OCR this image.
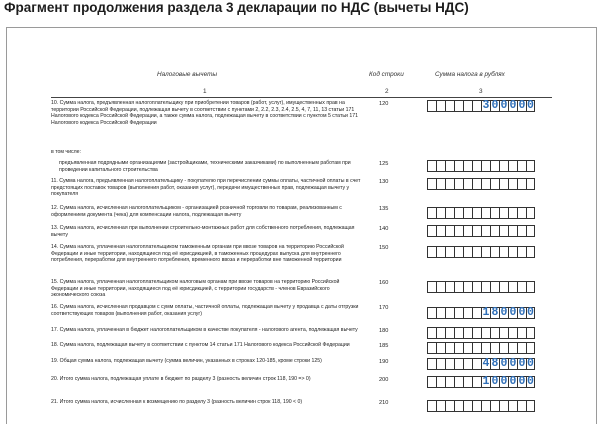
Фрагмент продолжения раздела 3 декларации по НДС (вычеты НДС)
Налоговые вычеты	Код строки	Сумма налога в рублях
1	2	3
10. Сумма налога, предъявленная налогоплательщику при приобретении товаров (работ, услуг), имущественных прав на территории Российской Федерации, подлежащая вычету в соответствии с пунктами 2, 2.2, 2.3, 2.4, 2.5, 4, 7, 11, 13 статьи 171 Налогового кодекса Российской Федерации, а также сумма налога, подлежащая вычету в соответствии с пунктом 5 статьи 171 Налогового кодекса Российской Федерации
120	3 0 0 0 0 0
в том числе:
предъявленная подрядными организациями (застройщиками, техническими заказчиками) по выполненным работам при проведении капитального строительства
125
11. Сумма налога, предъявленная налогоплательщику - покупателю при перечислении суммы оплаты, частичной оплаты в счет предстоящих поставок товаров (выполнения работ, оказания услуг), передачи имущественных прав, подлежащая вычету у покупателя
130
12. Сумма налога, исчисленная налогоплательщиком - организацией розничной торговли по товарам, реализованным с оформлением документа (чека) для компенсации налога, подлежащая вычету
135
13. Сумма налога, исчисленная при выполнении строительно-монтажных работ для собственного потребления, подлежащая вычету
140
14. Сумма налога, уплаченная налогоплательщиком таможенным органам при ввозе товаров на территорию Российской Федерации и иные территории, находящиеся под её юрисдикцией, в таможенных процедурах выпуска для внутреннего потребления, переработки для внутреннего потребления, временного ввоза и переработки вне таможенной территории
150
15. Сумма налога, уплаченная налогоплательщиком налоговым органам при ввозе товаров на территорию Российской Федерации и иные территории, находящиеся под её юрисдикцией, с территории государств - членов Евразийского экономического союза
160
16. Сумма налога, исчисленная продавцом с сумм оплаты, частичной оплаты, подлежащая вычету у продавца с даты отгрузки соответствующих товаров (выполнения работ, оказания услуг)
170	1 8 0 0 0 0
17. Сумма налога, уплаченная в бюджет налогоплательщиком в качестве покупателя - налогового агента, подлежащая вычету	180
18. Сумма налога, подлежащая вычету в соответствии с пунктом 14 статьи 171 Налогового кодекса Российской Федерации	185
19. Общая сумма налога, подлежащая вычету (сумма величин, указанных в строках 120-185, кроме строки 125)	190	4 8 0 0 0 0
20. Итого сумма налога, подлежащая уплате в бюджет по разделу 3 (разность величин строк 118, 190 => 0)	200	1 0 0 0 0 0
21. Итого сумма налога, исчисленная к возмещению по разделу 3 (разность величин строк 118, 190 < 0)	210
